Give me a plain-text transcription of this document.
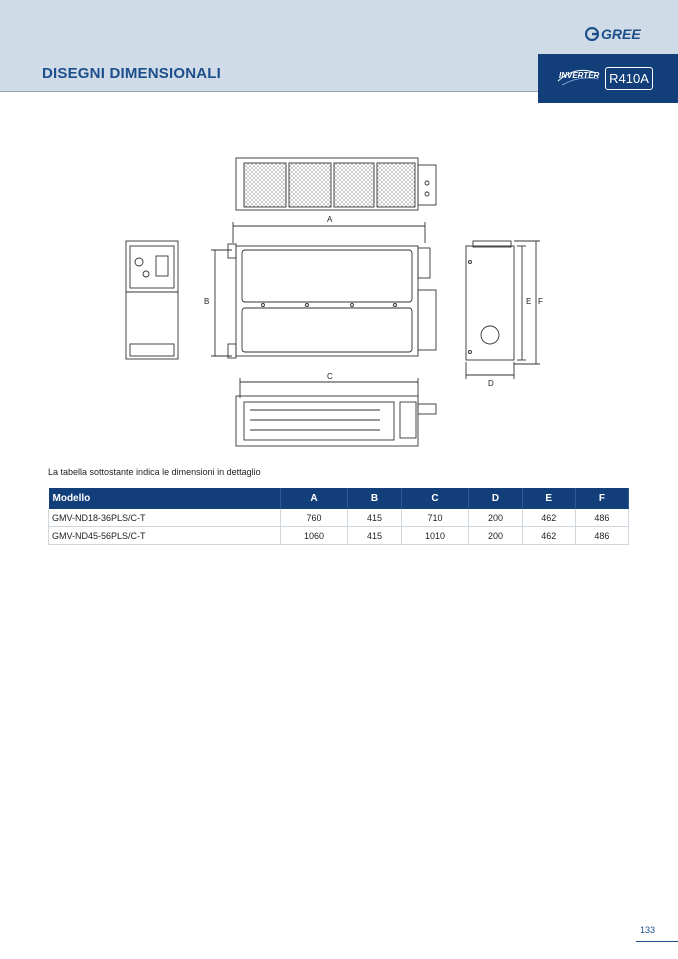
DISEGNI DIMENSIONALI
GREE
INVERTER R410A
A
B
C
D
E F
La tabella sottostante indica le dimensioni in dettaglio
Modello	A	B	C	D	E	F
GMV-ND18-36PLS/C-T	760	415	710	200	462	486
GMV-ND45-56PLS/C-T	1060	415	1010	200	462	486
133
